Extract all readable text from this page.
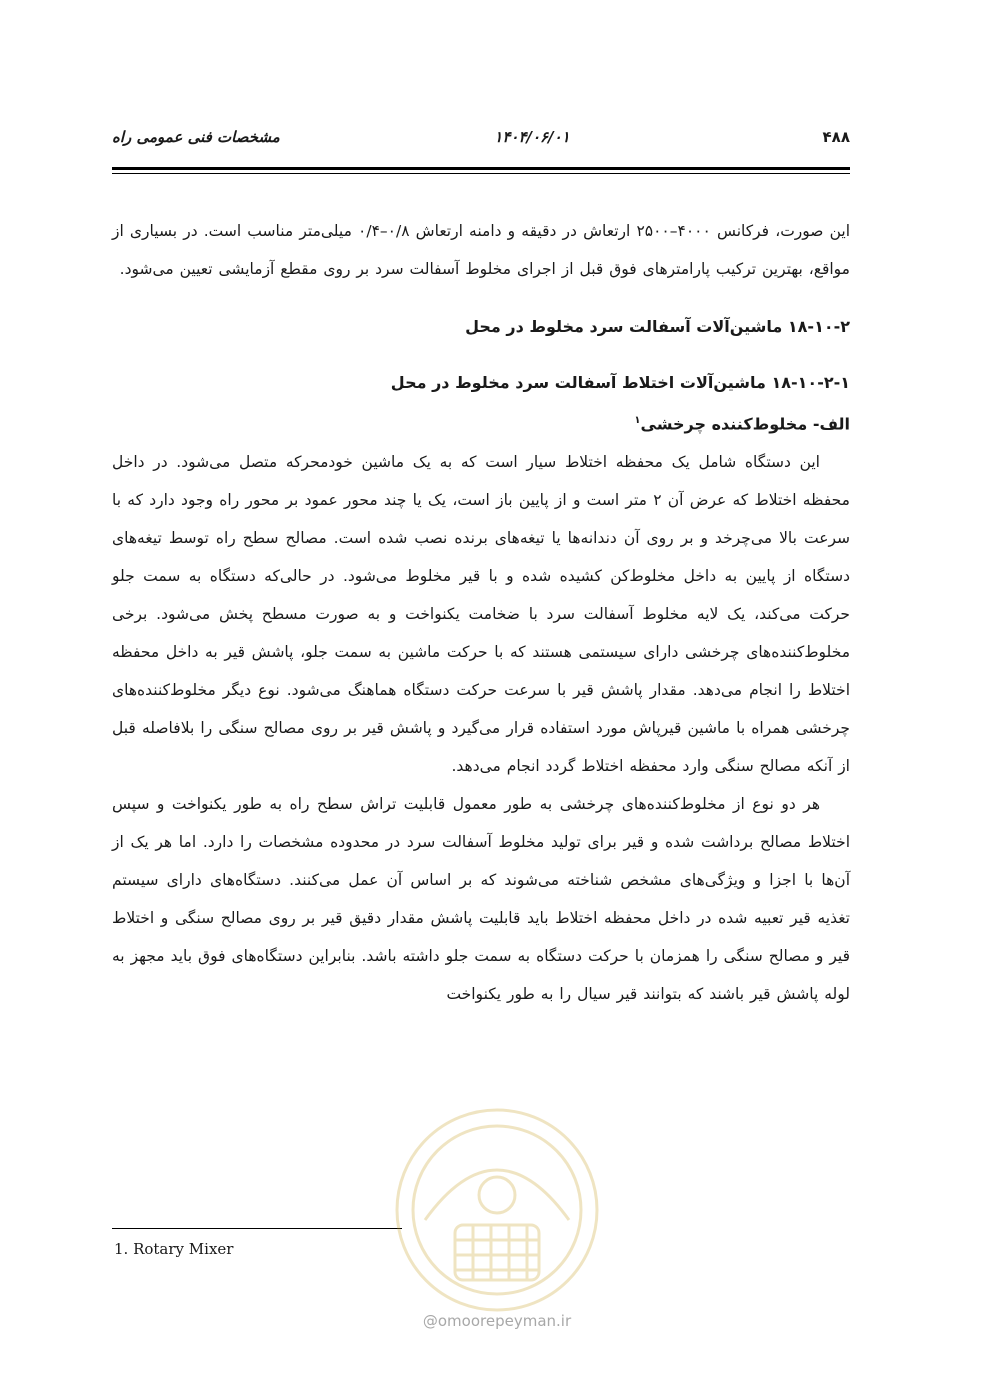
۴۸۸
۱۴۰۴/۰۶/۰۱
مشخصات فنی عمومی راه

این صورت، فرکانس ۴۰۰۰–۲۵۰۰ ارتعاش در دقیقه و دامنه ارتعاش ۰/۸–۰/۴ میلی‌متر مناسب است. در بسیاری از مواقع، بهترین ترکیب پارامترهای فوق قبل از اجرای مخلوط آسفالت سرد بر روی مقطع آزمایشی تعیین می‌شود.

۱۸-۱۰-۲ ماشین‌آلات آسفالت سرد مخلوط در محل

۱۸-۱۰-۲-۱ ماشین‌آلات اختلاط آسفالت سرد مخلوط در محل

الف- مخلوط‌کننده چرخشی$^۱$

این دستگاه شامل یک محفظه اختلاط سیار است که به یک ماشین خودمحرکه متصل می‌شود. در داخل محفظه اختلاط که عرض آن ۲ متر است و از پایین باز است، یک یا چند محور عمود بر محور راه وجود دارد که با سرعت بالا می‌چرخد و بر روی آن دندانه‌ها یا تیغه‌های برنده نصب شده است. مصالح سطح راه توسط تیغه‌های دستگاه از پایین به داخل مخلوط‌کن کشیده شده و با قیر مخلوط می‌شود. در حالی‌که دستگاه به سمت جلو حرکت می‌کند، یک لایه مخلوط آسفالت سرد با ضخامت یکنواخت و به صورت مسطح پخش می‌شود. برخی مخلوط‌کننده‌های چرخشی دارای سیستمی هستند که با حرکت ماشین به سمت جلو، پاشش قیر به داخل محفظه اختلاط را انجام می‌دهد. مقدار پاشش قیر با سرعت حرکت دستگاه هماهنگ می‌شود. نوع دیگر مخلوط‌کننده‌های چرخشی همراه با ماشین قیرپاش مورد استفاده قرار می‌گیرد و پاشش قیر بر روی مصالح سنگی را بلافاصله قبل از آنکه مصالح سنگی وارد محفظه اختلاط گردد انجام می‌دهد.

هر دو نوع از مخلوط‌کننده‌های چرخشی به طور معمول قابلیت تراش سطح راه به طور یکنواخت و سپس اختلاط مصالح برداشت شده و قیر برای تولید مخلوط آسفالت سرد در محدوده مشخصات را دارد. اما هر یک از آن‌ها با اجزا و ویژگی‌های مشخص شناخته می‌شوند که بر اساس آن عمل می‌کنند. دستگاه‌های دارای سیستم تغذیه قیر تعبیه شده در داخل محفظه اختلاط باید قابلیت پاشش مقدار دقیق قیر بر روی مصالح سنگی و اختلاط قیر و مصالح سنگی را همزمان با حرکت دستگاه به سمت جلو داشته باشد. بنابراین دستگاه‌های فوق باید مجهز به لوله پاشش قیر باشند که بتوانند قیر سیال را به طور یکنواخت

1. Rotary Mixer
@omoorepeyman.ir
